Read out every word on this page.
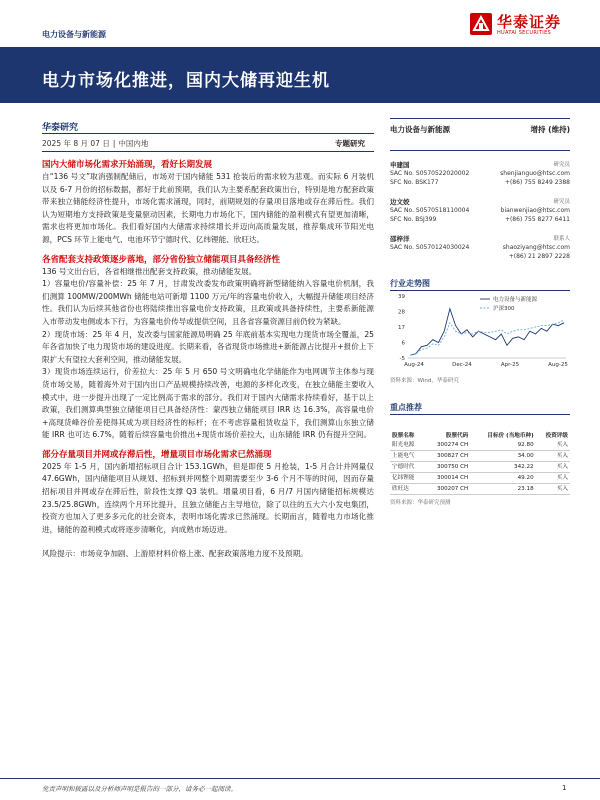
电力设备与新能源
华泰证券
HUATAI SECURITIES
电力市场化推进，国内大储再迎生机
华泰研究
2025 年 8 月 07 日 | 中国内地	专题研究
国内大储市场化需求开始涌现，看好长期发展

自“136 号文”取消强制配储后，市场对于国内储能 531 抢装后的需求较为悲观。而实际 6 月装机以及 6-7 月份的招标数据，都好于此前预期，我们认为主要系配套政策出台，特别是地方配套政策带来独立储能经济性提升，市场化需求涌现，同时，前期规划的存量项目落地或存在滞后性。我们认为短期地方支持政策是变量驱动因素，长期电力市场化下，国内储能的盈利模式有望更加清晰，需求也将更加市场化。我们看好国内大储需求持续增长并迈向高质量发展，推荐集成环节阳光电源，PCS 环节上能电气、电池环节宁德时代、亿纬锂能、欣旺达。

各省配套支持政策逐步落地，部分省份独立储能项目具备经济性

136 号文出台后，各省相继推出配套支持政策，推动储能发展。
1）容量电价/容量补偿：25 年 7 月，甘肃发改委发布政策明确将新型储能纳入容量电价机制，我们测算 100MW/200MWh 储能电站可新增 1100 万元/年的容量电价收入，大幅提升储能项目经济性。我们认为后续其他省份也将陆续推出容量电价支持政策，且政策或具备持续性，主要系新能源入市带动发电侧或本下行，为容量电价传导或提供空间，且各省容量资源目前仍较为紧缺。
2）现货市场：25 年 4 月，发改委与国家能源局明确 25 年底前基本实现电力现货市场全覆盖，25 年各省加快了电力现货市场的建设进度。长期来看，各省现货市场推进+新能源占比提升+报价上下限扩大有望拉大套利空间，推动储能发展。
3）现货市场连续运行，价差拉大：25 年 5 月 650 号文明确电化学储能作为电网调节主体参与现货市场交易，随着海外对于国内出口产品规模持续改善，电源的多样化改变，在独立储能主要收入模式中，进一步提升出现了一定比例高于需求的部分。我们对于国内大储需求持续看好，基于以上政策，我们测算典型独立储能项目已具备经济性：蒙西独立储能项目 IRR 达 16.3%，高容量电价+高现货峰谷价差使得其成为项目经济性的标杆；在不考虑容量租赁收益下，我们测算山东独立储能 IRR 也可达 6.7%，随着后续容量电价推出+现货市场价差拉大，山东储能 IRR 仍有提升空间。

部分存量项目并网或存滞后性，增量项目市场化需求已然涌现

2025 年 1-5 月，国内新增招标项目合计 153.1GWh，但是即使 5 月抢装，1-5 月合计并网量仅 47.6GWh，国内储能项目从规划、招标到并网整个周期需要至少 3-6 个月不等的时间，因而存量招标项目并网或存在滞后性，阶段性支撑 Q3 装机。增量项目看，6 月/7 月国内储能招标规模达 23.5/25.8GWh，连续两个月环比提升，且独立储能占主导地位，除了以往的五大六小发电集团，投资方也加入了更多多元化的社会资本，表明市场化需求已然涌现。长期而言，随着电力市场化推进，储能的盈利模式或将逐步清晰化，向成熟市场迈进。

风险提示：市场竞争加剧、上游原材料价格上涨、配套政策落地力度不及预期。

电力设备与新能源	增持 (维持)
申建国	研究员
SAC No. S0570522020002	shenjianguo@htsc.com
SFC No. BSK177	+(86) 755 8249 2388
边文姣	研究员
SAC No. S0570518110004	bianwenjiao@htsc.com
SFC No. BSJ399	+(86) 755 8277 6411
邵梓洋	联系人
SAC No. S0570124030024	shaoziyang@htsc.com
+(86) 21 2897 2228
行业走势图
39
28
17
6
-5
Aug-24	Dec-24	Apr-25	Aug-25
电力设备与新能源
沪深300
资料来源：Wind，华泰研究
重点推荐
股票名称	股票代码	目标价 (当地币种)	投资评级
阳光电源	300274 CH	92.80	买入
上能电气	300827 CH	34.00	买入
宁德时代	300750 CH	342.22	买入
亿纬锂能	300014 CH	49.20	买入
欣旺达	300207 CH	23.18	买入
资料来源：华泰研究预测
免责声明和披露以及分析师声明是报告的一部分，请务必一起阅读。	1
